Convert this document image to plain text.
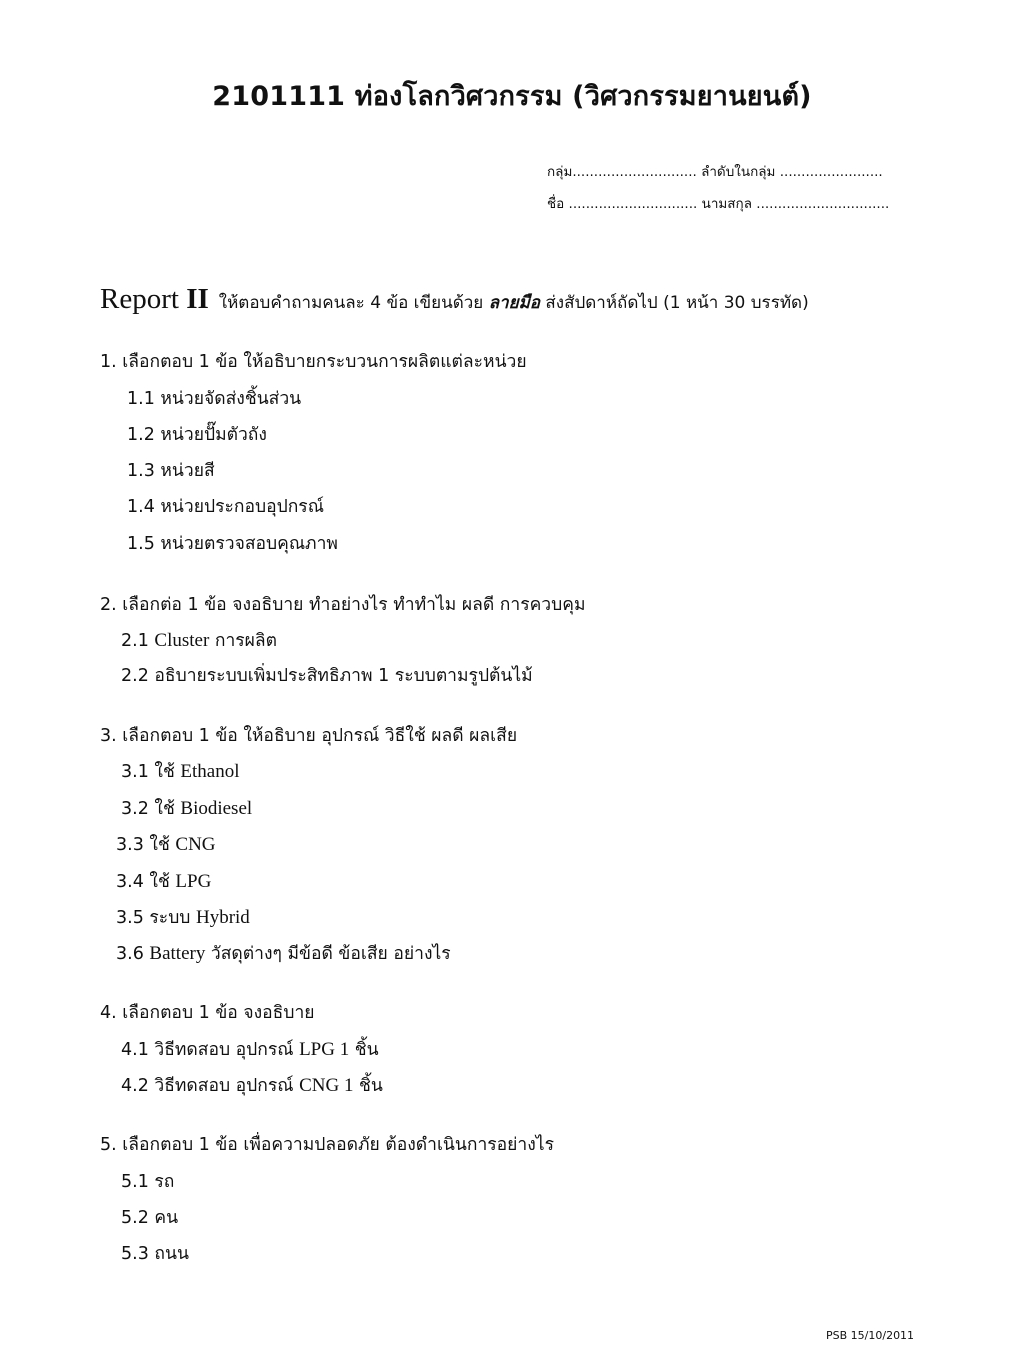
2101111 ท่องโลกวิศวกรรม (วิศวกรรมยานยนต์)
กลุ่ม............................. ลำดับในกลุ่ม ........................
ชื่อ .............................. นามสกุล ...............................
Report II ให้ตอบคำถามคนละ 4 ข้อ เขียนด้วย ลายมือ ส่งสัปดาห์ถัดไป (1 หน้า 30 บรรทัด)
1. เลือกตอบ 1 ข้อ ให้อธิบายกระบวนการผลิตแต่ละหน่วย
1.1 หน่วยจัดส่งชิ้นส่วน
1.2 หน่วยปั๊มตัวถัง
1.3 หน่วยสี
1.4 หน่วยประกอบอุปกรณ์
1.5 หน่วยตรวจสอบคุณภาพ
2. เลือกต่อ 1 ข้อ จงอธิบาย ทำอย่างไร ทำทำไม ผลดี การควบคุม
2.1 Cluster การผลิต
2.2 อธิบายระบบเพิ่มประสิทธิภาพ 1 ระบบตามรูปต้นไม้
3. เลือกตอบ 1 ข้อ ให้อธิบาย อุปกรณ์ วิธีใช้ ผลดี ผลเสีย
3.1 ใช้ Ethanol
3.2 ใช้ Biodiesel
3.3 ใช้ CNG
3.4 ใช้ LPG
3.5 ระบบ Hybrid
3.6 Battery วัสดุต่างๆ มีข้อดี ข้อเสีย อย่างไร
4. เลือกตอบ 1 ข้อ จงอธิบาย
4.1 วิธีทดสอบ อุปกรณ์ LPG 1 ชิ้น
4.2 วิธีทดสอบ อุปกรณ์ CNG 1 ชิ้น
5. เลือกตอบ 1 ข้อ เพื่อความปลอดภัย ต้องดำเนินการอย่างไร
5.1 รถ
5.2 คน
5.3 ถนน
PSB 15/10/2011
